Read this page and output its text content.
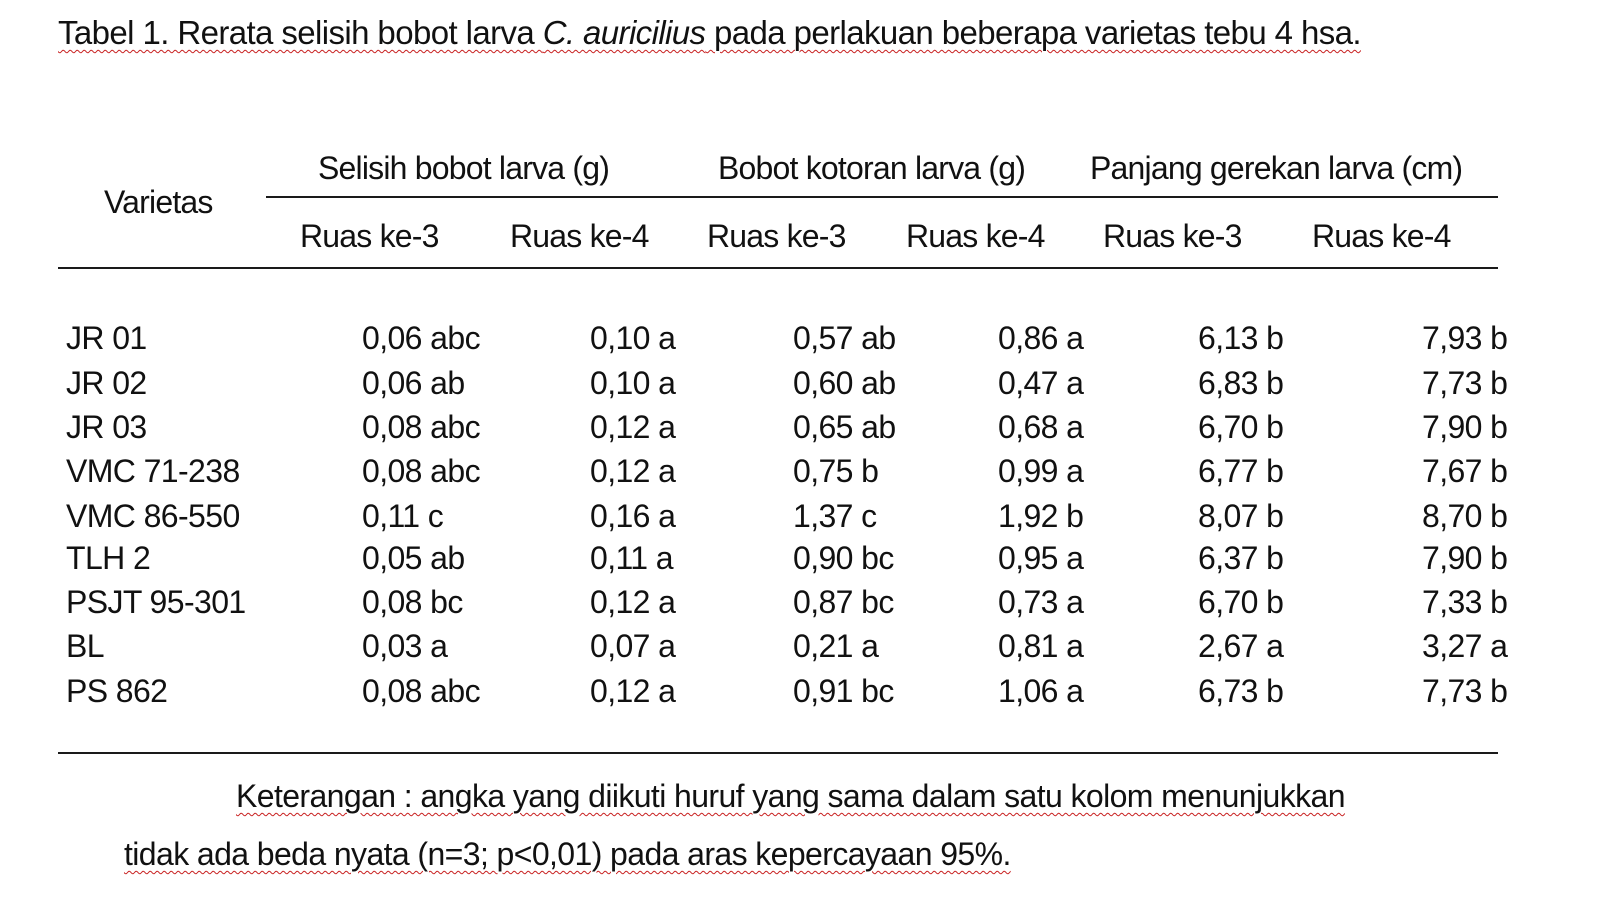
Tabel 1. Rerata selisih bobot larva C. auricilius pada perlakuan beberapa varietas tebu 4 hsa.
Varietas
Selisih bobot larva (g)	Bobot kotoran larva (g) Panjang gerekan larva (cm)
Ruas ke-3 Ruas ke-4 Ruas ke-3 Ruas ke-4 Ruas ke-3 Ruas ke-4
JR 01	0,06 abc	0,10 a	0,57 ab	0,86 a	6,13 b	7,93 b
JR 02	0,06 ab	0,10 a	0,60 ab	0,47 a	6,83 b	7,73 b
JR 03	0,08 abc	0,12 a	0,65 ab	0,68 a	6,70 b	7,90 b
VMC 71-238	0,08 abc	0,12 a	0,75 b	0,99 a	6,77 b	7,67 b
VMC 86-550	0,11 c	0,16 a	1,37 c	1,92 b	8,07 b	8,70 b
TLH 2	0,05 ab	0,11 a	0,90 bc	0,95 a	6,37 b	7,90 b
PSJT 95-301	0,08 bc	0,12 a	0,87 bc	0,73 a	6,70 b	7,33 b
BL	0,03 a	0,07 a	0,21 a	0,81 a	2,67 a	3,27 a
PS 862	0,08 abc	0,12 a	0,91 bc	1,06 a	6,73 b	7,73 b
Keterangan : angka yang diikuti huruf yang sama dalam satu kolom menunjukkan
tidak ada beda nyata (n=3; p<0,01) pada aras kepercayaan 95%.
